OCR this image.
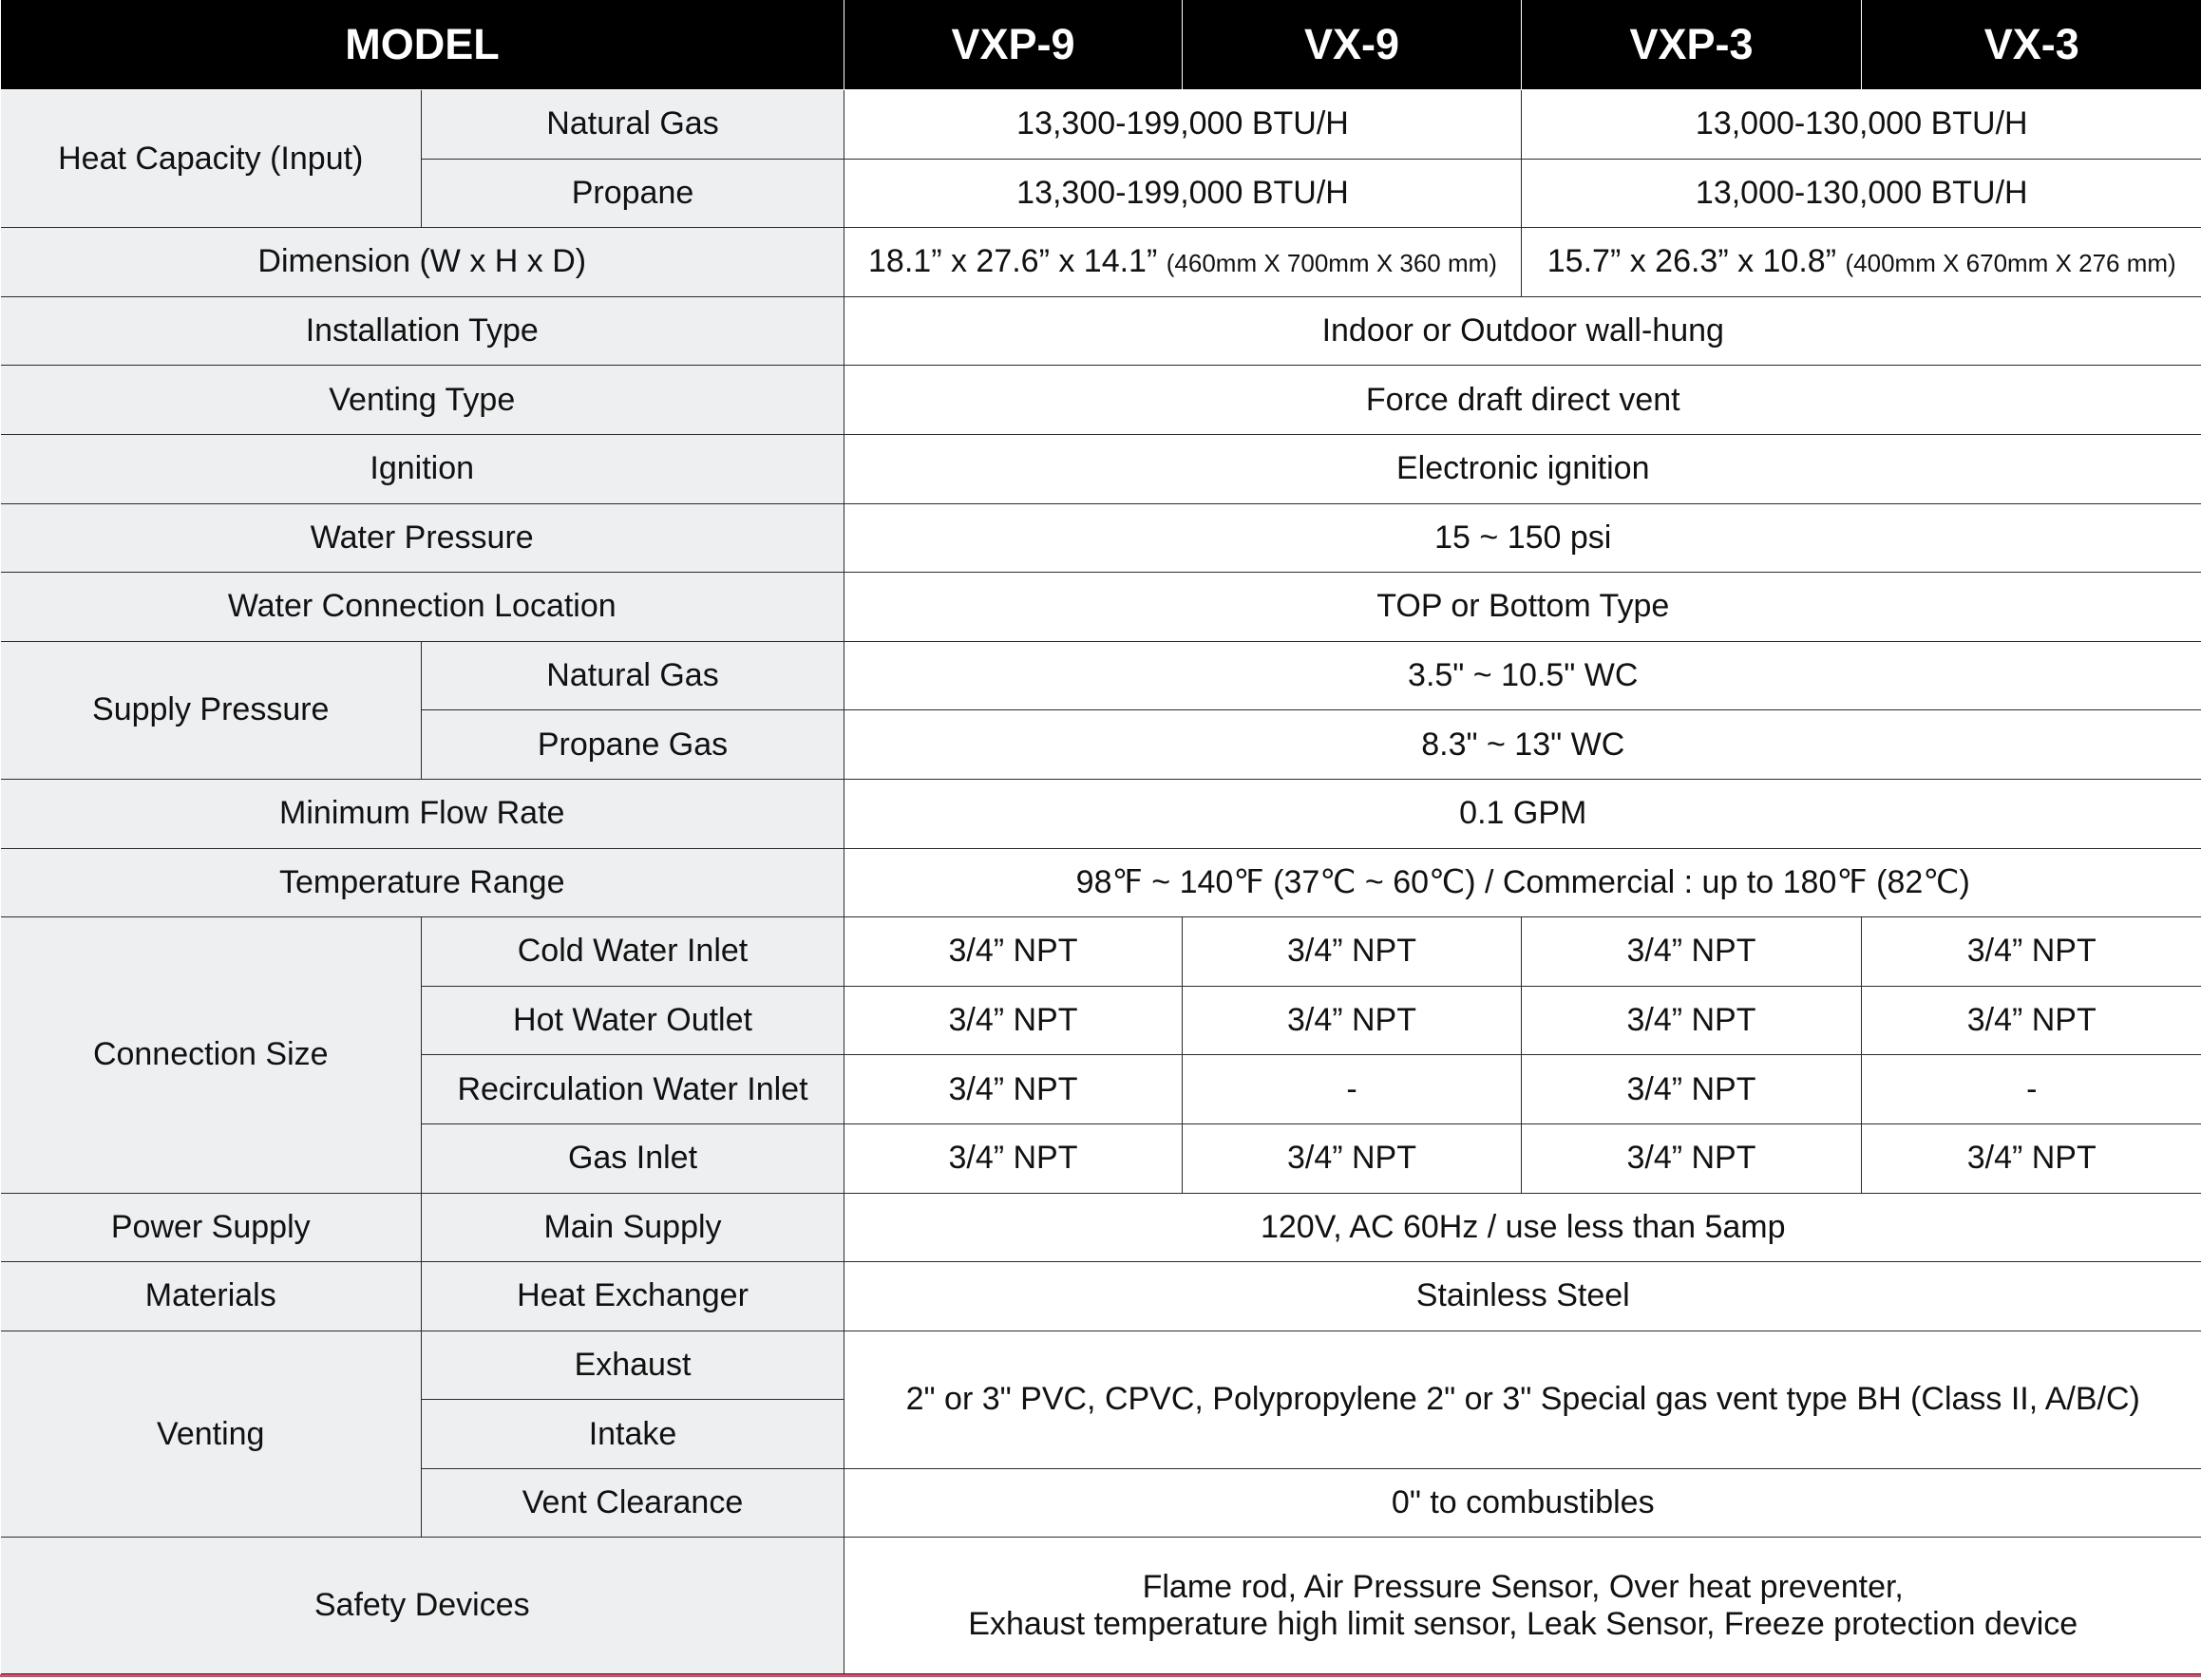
MODEL		VXP-9	VX-9	VXP-3	VX-3
Heat Capacity (Input)	Natural Gas	13,300-199,000 BTU/H		13,000-130,000 BTU/H	
	Propane	13,300-199,000 BTU/H		13,000-130,000 BTU/H	
Dimension (W x H x D)		18.1” x 27.6” x 14.1” (460mm X 700mm X 360 mm)		15.7” x 26.3” x 10.8” (400mm X 670mm X 276 mm)	
Installation Type		Indoor or Outdoor wall-hung			
Venting Type		Force draft direct vent			
Ignition		Electronic ignition			
Water Pressure		15 ~ 150 psi			
Water Connection Location		TOP or Bottom Type			
Supply Pressure	Natural Gas	3.5" ~ 10.5" WC			
	Propane Gas	8.3" ~ 13" WC			
Minimum Flow Rate		0.1 GPM			
Temperature Range		98℉ ~ 140℉ (37℃ ~ 60℃) / Commercial : up to 180℉ (82℃)			
Connection Size	Cold Water Inlet	3/4” NPT	3/4” NPT	3/4” NPT	3/4” NPT
	Hot Water Outlet	3/4” NPT	3/4” NPT	3/4” NPT	3/4” NPT
	Recirculation Water Inlet	3/4” NPT	-	3/4” NPT	-
	Gas Inlet	3/4” NPT	3/4” NPT	3/4” NPT	3/4” NPT
Power Supply	Main Supply	120V, AC 60Hz / use less than 5amp			
Materials	Heat Exchanger	Stainless Steel			
Venting	Exhaust	2" or 3" PVC, CPVC, Polypropylene 2" or 3" Special gas vent type BH (Class II, A/B/C)			
	Intake				
	Vent Clearance	0" to combustibles			
Safety Devices		Flame rod, Air Pressure Sensor, Over heat preventer,
Exhaust temperature high limit sensor, Leak Sensor, Freeze protection device			
